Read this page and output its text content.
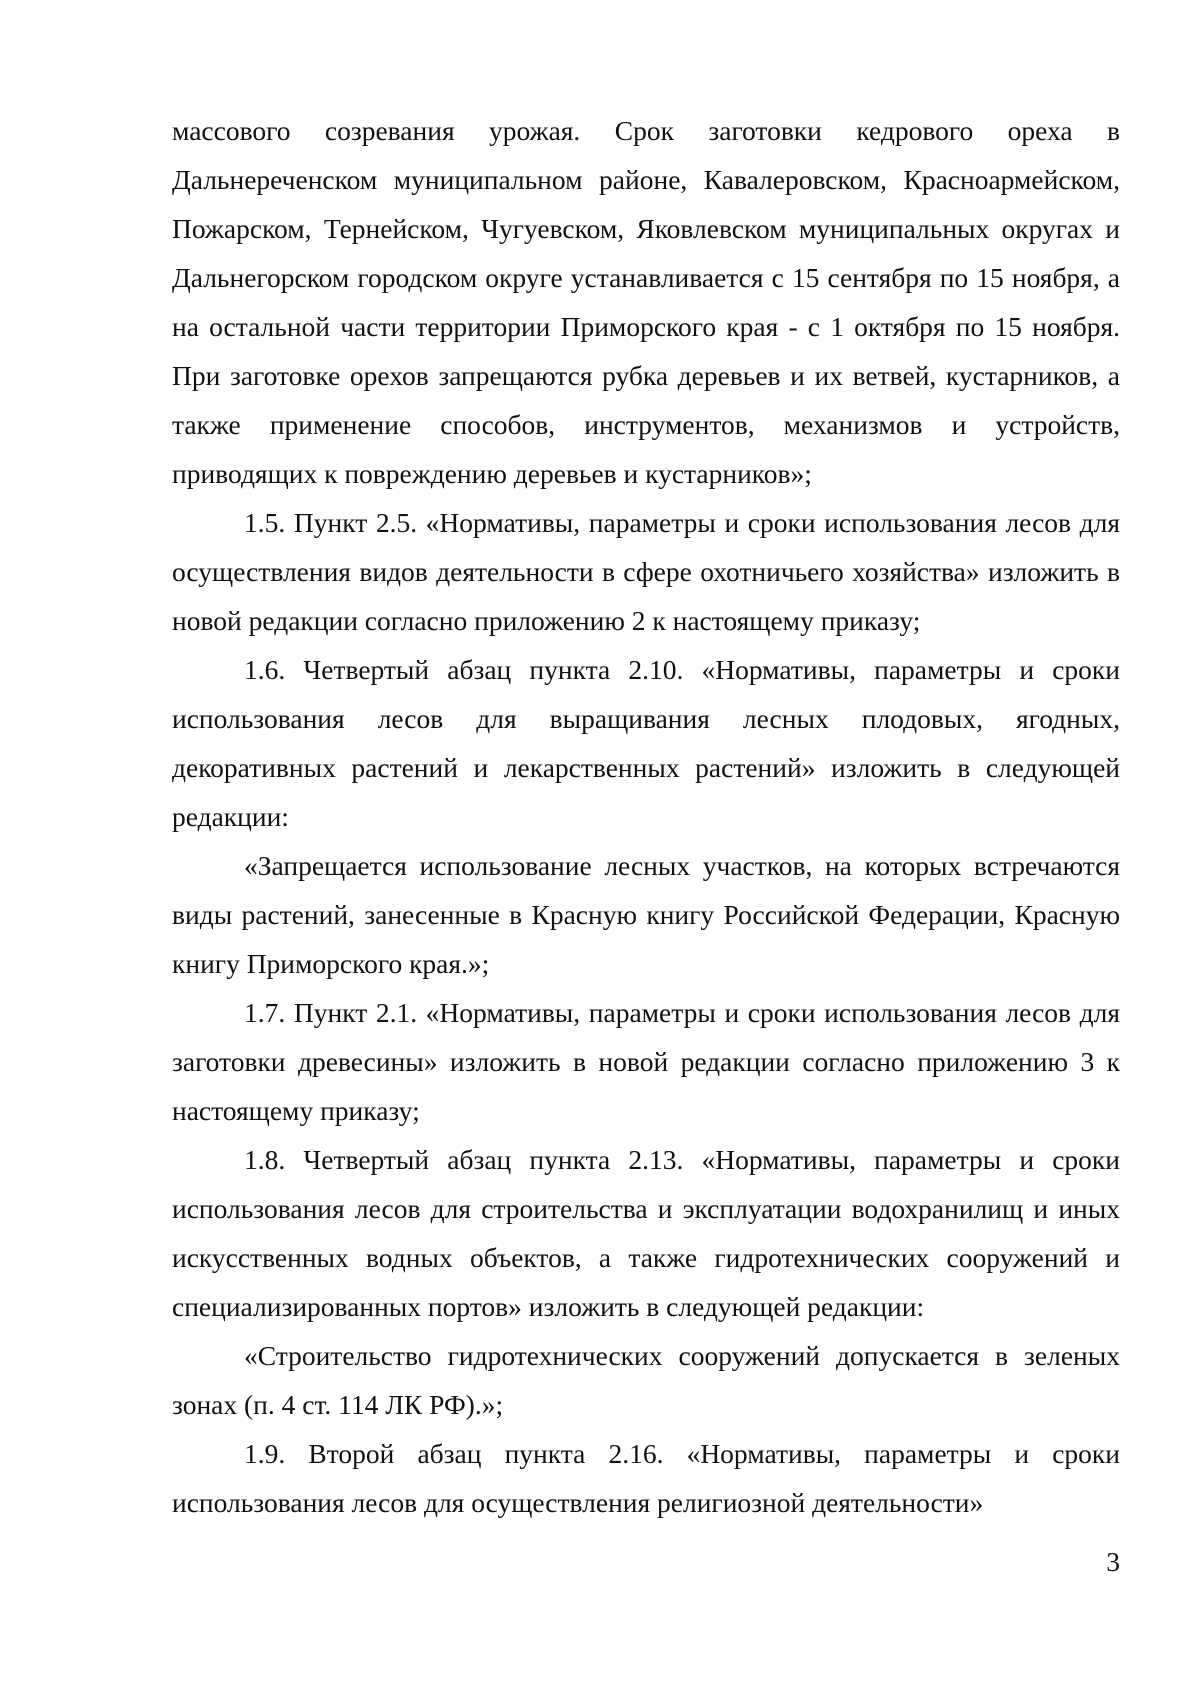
массового созревания урожая. Срок заготовки кедрового ореха в Дальнереченском муниципальном районе, Кавалеровском, Красноармейском, Пожарском, Тернейском, Чугуевском, Яковлевском муниципальных округах и Дальнегорском городском округе устанавливается с 15 сентября по 15 ноября, а на остальной части территории Приморского края - с 1 октября по 15 ноября. При заготовке орехов запрещаются рубка деревьев и их ветвей, кустарников, а также применение способов, инструментов, механизмов и устройств, приводящих к повреждению деревьев и кустарников»;

1.5. Пункт 2.5. «Нормативы, параметры и сроки использования лесов для осуществления видов деятельности в сфере охотничьего хозяйства» изложить в новой редакции согласно приложению 2 к настоящему приказу;

1.6. Четвертый абзац пункта 2.10. «Нормативы, параметры и сроки использования лесов для выращивания лесных плодовых, ягодных, декоративных растений и лекарственных растений» изложить в следующей редакции:

«Запрещается использование лесных участков, на которых встречаются виды растений, занесенные в Красную книгу Российской Федерации, Красную книгу Приморского края.»;

1.7. Пункт 2.1. «Нормативы, параметры и сроки использования лесов для заготовки древесины» изложить в новой редакции согласно приложению 3 к настоящему приказу;

1.8. Четвертый абзац пункта 2.13. «Нормативы, параметры и сроки использования лесов для строительства и эксплуатации водохранилищ и иных искусственных водных объектов, а также гидротехнических сооружений и специализированных портов» изложить в следующей редакции:

«Строительство гидротехнических сооружений допускается в зеленых зонах (п. 4 ст. 114 ЛК РФ).»;

1.9. Второй абзац пункта 2.16. «Нормативы, параметры и сроки использования лесов для осуществления религиозной деятельности»

3
